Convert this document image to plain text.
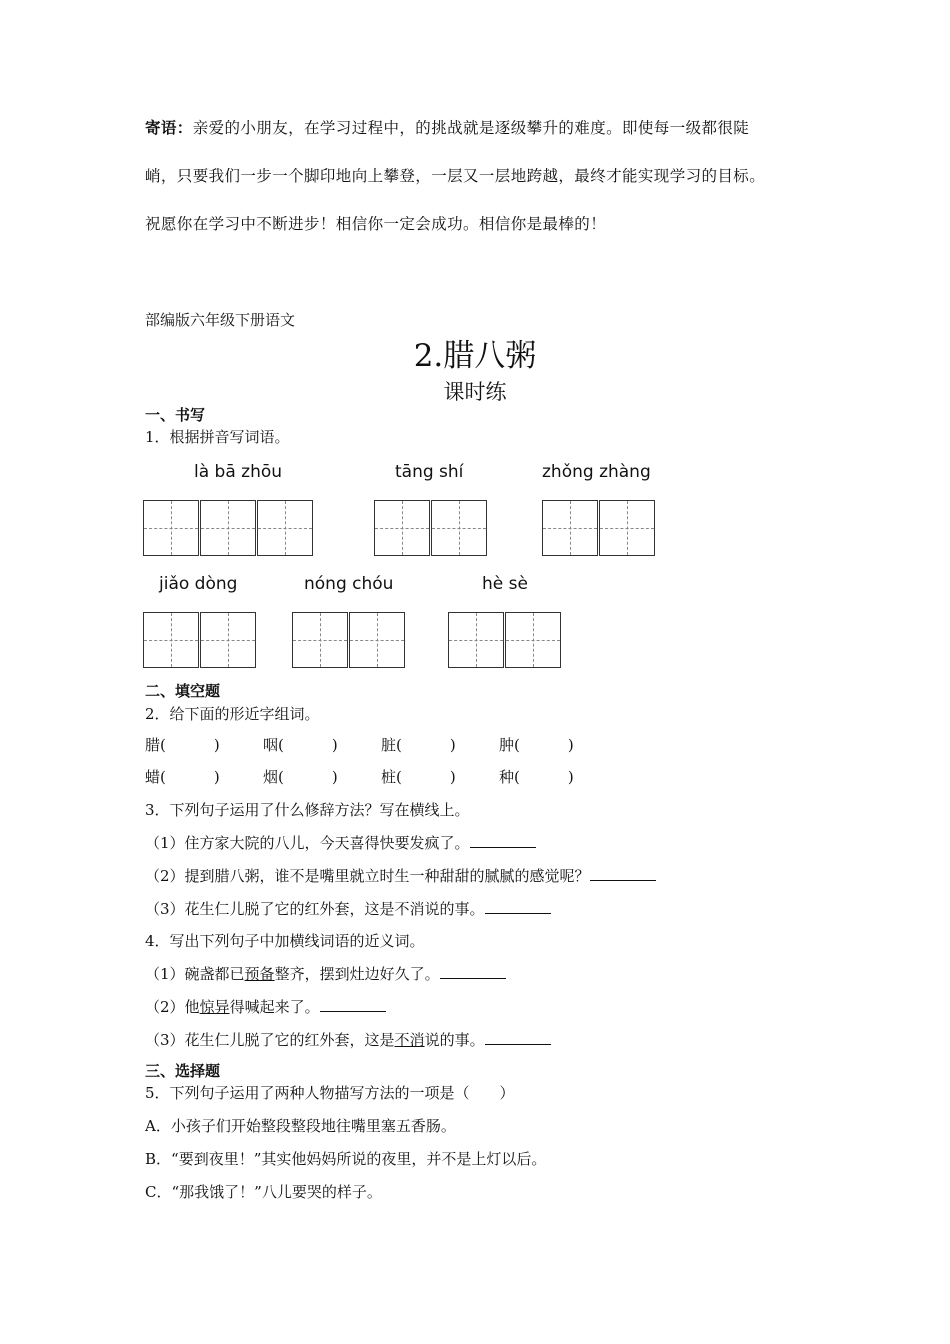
寄语：亲爱的小朋友，在学习过程中，的挑战就是逐级攀升的难度。即使每一级都很陡
峭，只要我们一步一个脚印地向上攀登，一层又一层地跨越，最终才能实现学习的目标。
祝愿你在学习中不断进步！相信你一定会成功。相信你是最棒的！
部编版六年级下册语文
2.腊八粥
课时练
一、书写
1．根据拼音写词语。
là bā zhōu	tāng shí	zhǒng zhàng
jiǎo dòng	nóng chóu	hè sè
二、填空题
2．给下面的形近字组词。
腊(	)	咽(	)	脏(	)	肿(	)
蜡(	)	烟(	)	桩(	)	种(	)
3．下列句子运用了什么修辞方法？写在横线上。
（1）住方家大院的八儿，今天喜得快要发疯了。
（2）提到腊八粥，谁不是嘴里就立时生一种甜甜的腻腻的感觉呢？
（3）花生仁儿脱了它的红外套，这是不消说的事。
4．写出下列句子中加横线词语的近义词。
（1）碗盏都已预备整齐，摆到灶边好久了。
（2）他惊异得喊起来了。
（3）花生仁儿脱了它的红外套，这是不消说的事。
三、选择题
5．下列句子运用了两种人物描写方法的一项是（　　）
A．小孩子们开始整段整段地往嘴里塞五香肠。
B．“要到夜里！”其实他妈妈所说的夜里，并不是上灯以后。
C．“那我饿了！”八儿要哭的样子。
